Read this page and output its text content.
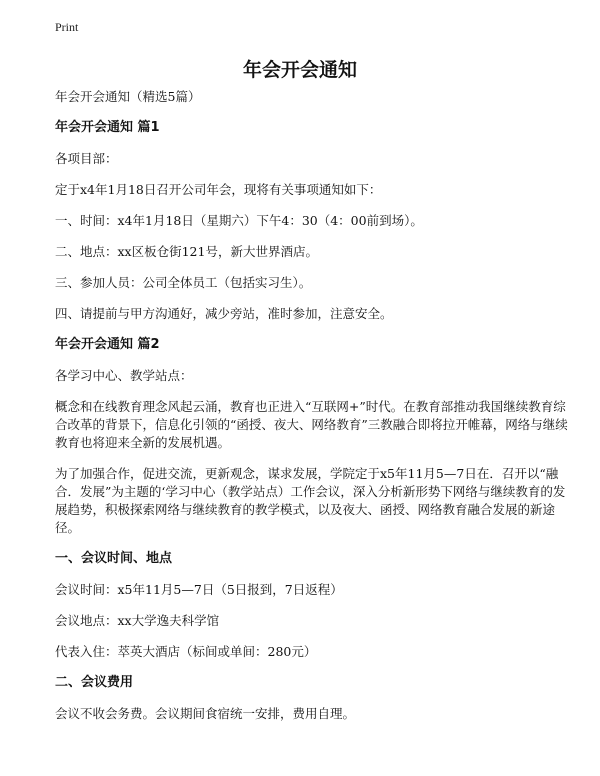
Print
年会开会通知
年会开会通知（精选5篇）
年会开会通知 篇1
各项目部：
定于x4年1月18日召开公司年会，现将有关事项通知如下：
一、时间：x4年1月18日（星期六）下午4：30（4：00前到场）。
二、地点：xx区板仓街121号，新大世界酒店。
三、参加人员：公司全体员工（包括实习生）。
四、请提前与甲方沟通好，减少旁站，准时参加，注意安全。
年会开会通知 篇2
各学习中心、教学站点：
概念和在线教育理念风起云涌，教育也正进入“互联网+”时代。在教育部推动我国继续教育综合改革的背景下，信息化引领的“函授、夜大、网络教育”三教融合即将拉开帷幕，网络与继续教育也将迎来全新的发展机遇。
为了加强合作，促进交流，更新观念，谋求发展，学院定于x5年11月5—7日在．召开以“融合．发展”为主题的‘学习中心（教学站点）工作会议，深入分析新形势下网络与继续教育的发展趋势，积极探索网络与继续教育的教学模式，以及夜大、函授、网络教育融合发展的新途径。
一、会议时间、地点
会议时间：x5年11月5—7日（5日报到，7日返程）
会议地点：xx大学逸夫科学馆
代表入住：萃英大酒店（标间或单间：280元）
二、会议费用
会议不收会务费。会议期间食宿统一安排，费用自理。
